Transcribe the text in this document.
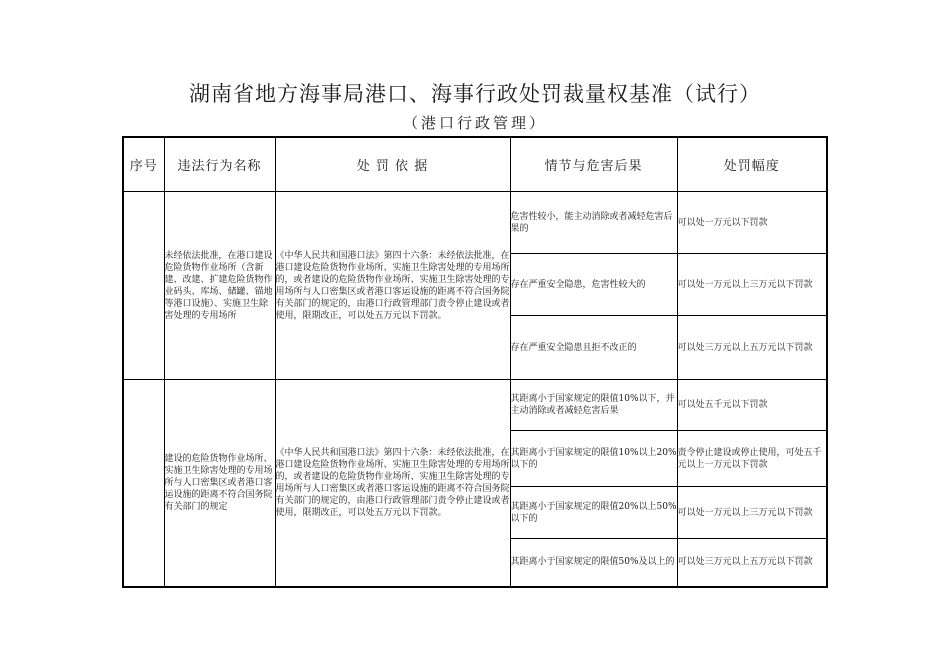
湖南省地方海事局港口、海事行政处罚裁量权基准（试行）
（港口行政管理）
序号	违法行为名称	处 罚 依 据	情节与危害后果	处罚幅度

	未经依法批准，在港口建设危险货物作业场所（含新建、改建、扩建危险货物作业码头、库场、储罐、锚地等港口设施）、实施卫生除害处理的专用场所	《中华人民共和国港口法》第四十六条：未经依法批准，在港口建设危险货物作业场所、实施卫生除害处理的专用场所的，或者建设的危险货物作业场所、实施卫生除害处理的专用场所与人口密集区或者港口客运设施的距离不符合国务院有关部门的规定的，由港口行政管理部门责令停止建设或者使用，限期改正，可以处五万元以下罚款。	危害性较小，能主动消除或者减轻危害后果的	可以处一万元以下罚款
			存在严重安全隐患，危害性较大的	可以处一万元以上三万元以下罚款
			存在严重安全隐患且拒不改正的	可以处三万元以上五万元以下罚款

	建设的危险货物作业场所、实施卫生除害处理的专用场所与人口密集区或者港口客运设施的距离不符合国务院有关部门的规定	《中华人民共和国港口法》第四十六条：未经依法批准，在港口建设危险货物作业场所、实施卫生除害处理的专用场所的，或者建设的危险货物作业场所、实施卫生除害处理的专用场所与人口密集区或者港口客运设施的距离不符合国务院有关部门的规定的，由港口行政管理部门责令停止建设或者使用，限期改正，可以处五万元以下罚款。	其距离小于国家规定的限值10%以下，并主动消除或者减轻危害后果	可以处五千元以下罚款
			其距离小于国家规定的限值10%以上20%以下的	责令停止建设或停止使用，可处五千元以上一万元以下罚款
			其距离小于国家规定的限值20%以上50%以下的	可以处一万元以上三万元以下罚款
			其距离小于国家规定的限值50%及以上的	可以处三万元以上五万元以下罚款
